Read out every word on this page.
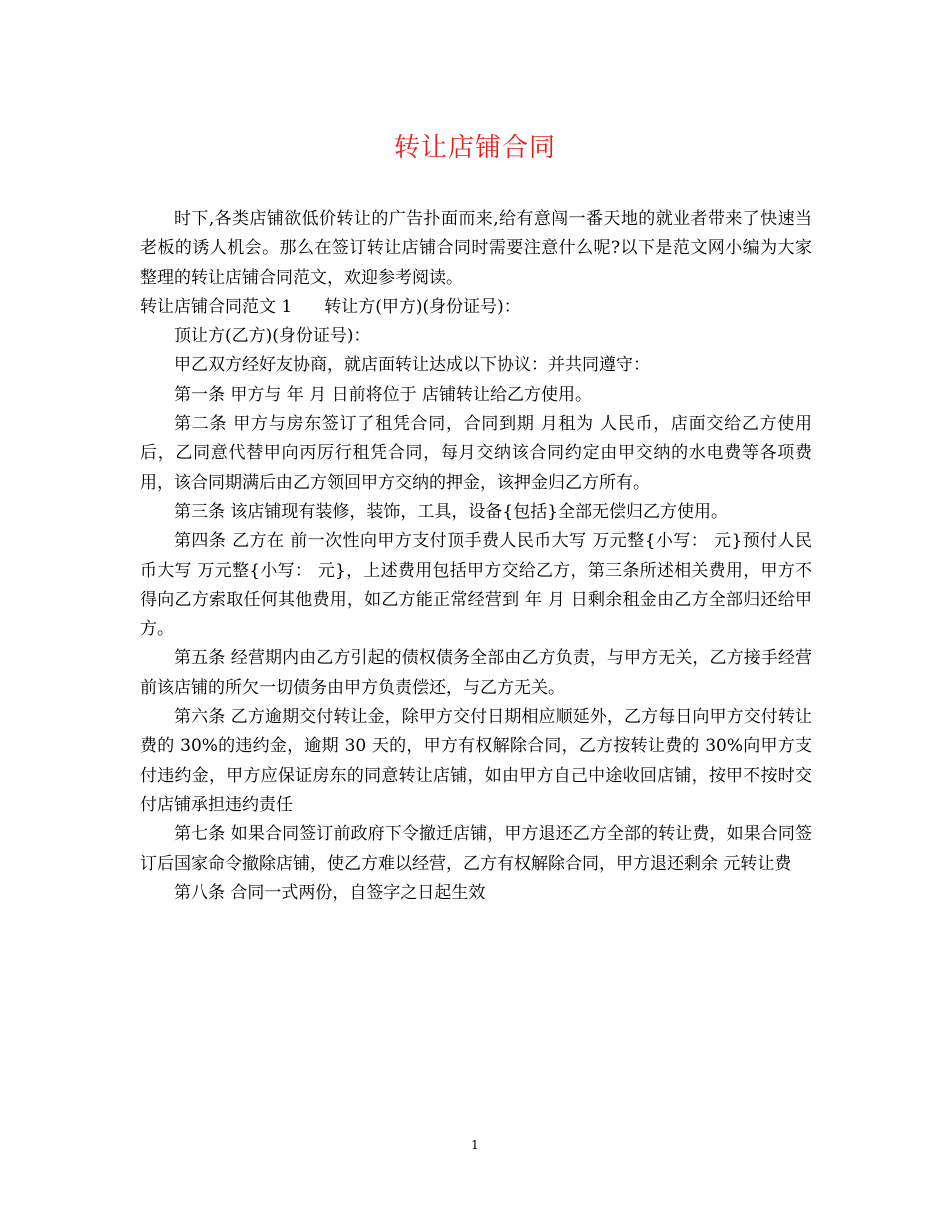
转让店铺合同

时下,各类店铺欲低价转让的广告扑面而来,给有意闯一番天地的就业者带来了快速当老板的诱人机会。那么在签订转让店铺合同时需要注意什么呢?以下是范文网小编为大家整理的转让店铺合同范文，欢迎参考阅读。

转让店铺合同范文 1 转让方(甲方)(身份证号)：

顶让方(乙方)(身份证号)：

甲乙双方经好友协商，就店面转让达成以下协议：并共同遵守：

第一条 甲方与 年 月 日前将位于 店铺转让给乙方使用。

第二条 甲方与房东签订了租凭合同，合同到期 月租为 人民币，店面交给乙方使用后，乙同意代替甲向丙厉行租凭合同，每月交纳该合同约定由甲交纳的水电费等各项费用，该合同期满后由乙方领回甲方交纳的押金，该押金归乙方所有。

第三条 该店铺现有装修，装饰，工具，设备{包括}全部无偿归乙方使用。

第四条 乙方在 前一次性向甲方支付顶手费人民币大写 万元整{小写： 元}预付人民币大写 万元整{小写： 元}，上述费用包括甲方交给乙方，第三条所述相关费用，甲方不得向乙方索取任何其他费用，如乙方能正常经营到 年 月 日剩余租金由乙方全部归还给甲方。

第五条 经营期内由乙方引起的债权债务全部由乙方负责，与甲方无关，乙方接手经营前该店铺的所欠一切债务由甲方负责偿还，与乙方无关。

第六条 乙方逾期交付转让金，除甲方交付日期相应顺延外，乙方每日向甲方交付转让费的 30%的违约金，逾期 30 天的，甲方有权解除合同，乙方按转让费的 30%向甲方支付违约金，甲方应保证房东的同意转让店铺，如由甲方自己中途收回店铺，按甲不按时交付店铺承担违约责任

第七条 如果合同签订前政府下令撤迁店铺，甲方退还乙方全部的转让费，如果合同签订后国家命令撤除店铺，使乙方难以经营，乙方有权解除合同，甲方退还剩余 元转让费

第八条 合同一式两份，自签字之日起生效

1
